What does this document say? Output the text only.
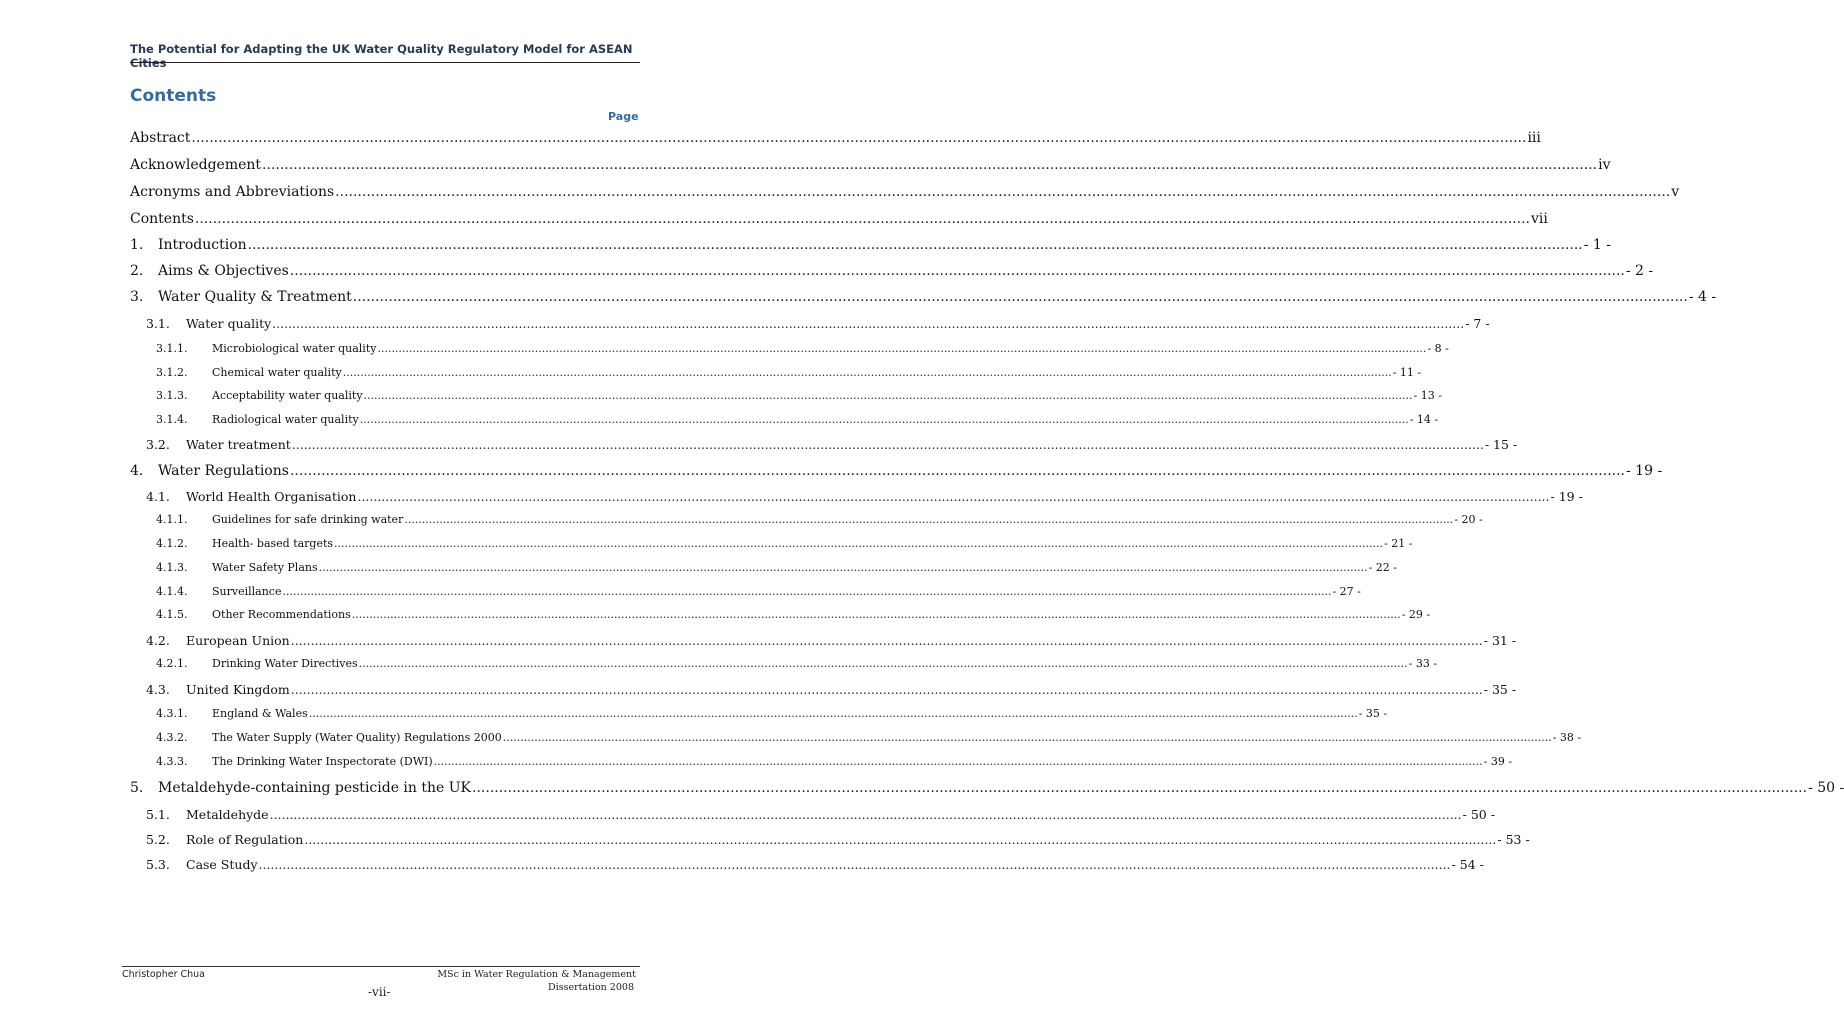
The Potential for Adapting the UK Water Quality Regulatory Model for ASEAN Cities
Contents
Page
Abstract ............................................................................................................................................................................................................................................................................................................ iii
Acknowledgement ............................................................................................................................................................................................................................................................................................................ iv
Acronyms and Abbreviations ............................................................................................................................................................................................................................................................................................................ v
Contents ............................................................................................................................................................................................................................................................................................................ vii
1.	Introduction ............................................................................................................................................................................................................................................................................................................ - 1 -
2.	Aims & Objectives ............................................................................................................................................................................................................................................................................................................ - 2 -
3.	Water Quality & Treatment ............................................................................................................................................................................................................................................................................................................ - 4 -
3.1.	Water quality ............................................................................................................................................................................................................................................................................................................ - 7 -
3.1.1.	Microbiological water quality ............................................................................................................................................................................................................................................................................................................ - 8 -
3.1.2.	Chemical water quality ............................................................................................................................................................................................................................................................................................................ - 11 -
3.1.3.	Acceptability water quality ............................................................................................................................................................................................................................................................................................................ - 13 -
3.1.4.	Radiological water quality ............................................................................................................................................................................................................................................................................................................ - 14 -
3.2.	Water treatment ............................................................................................................................................................................................................................................................................................................ - 15 -
4.	Water Regulations ............................................................................................................................................................................................................................................................................................................ - 19 -
4.1.	World Health Organisation ............................................................................................................................................................................................................................................................................................................ - 19 -
4.1.1.	Guidelines for safe drinking water ............................................................................................................................................................................................................................................................................................................ - 20 -
4.1.2.	Health- based targets ............................................................................................................................................................................................................................................................................................................ - 21 -
4.1.3.	Water Safety Plans ............................................................................................................................................................................................................................................................................................................ - 22 -
4.1.4.	Surveillance ............................................................................................................................................................................................................................................................................................................ - 27 -
4.1.5.	Other Recommendations ............................................................................................................................................................................................................................................................................................................ - 29 -
4.2.	European Union ............................................................................................................................................................................................................................................................................................................ - 31 -
4.2.1.	Drinking Water Directives ............................................................................................................................................................................................................................................................................................................ - 33 -
4.3.	United Kingdom ............................................................................................................................................................................................................................................................................................................ - 35 -
4.3.1.	England & Wales ............................................................................................................................................................................................................................................................................................................ - 35 -
4.3.2.	The Water Supply (Water Quality) Regulations 2000 ............................................................................................................................................................................................................................................................................................................ - 38 -
4.3.3.	The Drinking Water Inspectorate (DWI) ............................................................................................................................................................................................................................................................................................................ - 39 -
5.	Metaldehyde-containing pesticide in the UK ............................................................................................................................................................................................................................................................................................................ - 50 -
5.1.	Metaldehyde ............................................................................................................................................................................................................................................................................................................ - 50 -
5.2.	Role of Regulation ............................................................................................................................................................................................................................................................................................................ - 53 -
5.3.	Case Study ............................................................................................................................................................................................................................................................................................................ - 54 -
Christopher Chua	MSc in Water Regulation & Management
Dissertation 2008
-vii-
